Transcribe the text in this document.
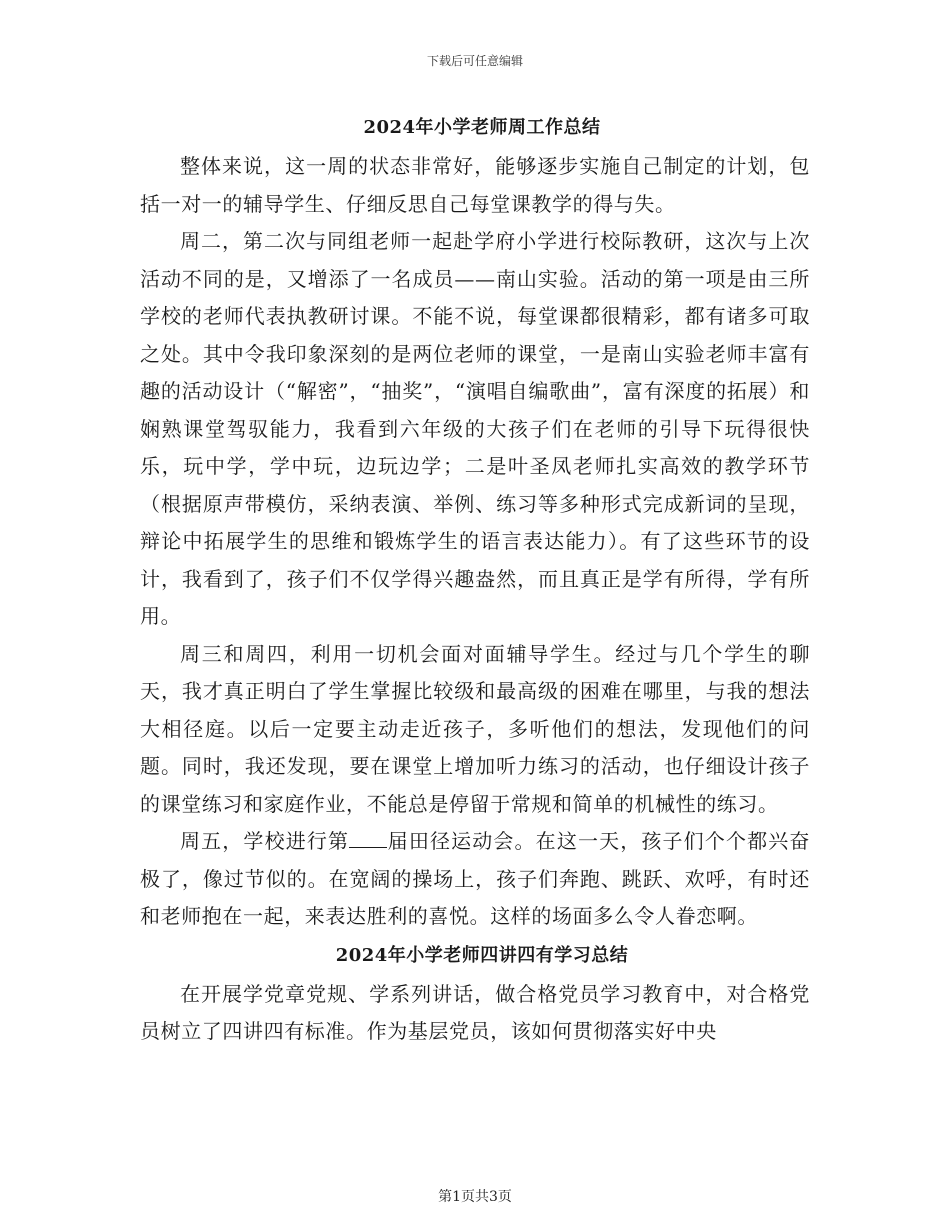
下载后可任意编辑
2024年小学老师周工作总结

整体来说，这一周的状态非常好，能够逐步实施自己制定的计划，包括一对一的辅导学生、仔细反思自己每堂课教学的得与失。

周二，第二次与同组老师一起赴学府小学进行校际教研，这次与上次活动不同的是，又增添了一名成员——南山实验。活动的第一项是由三所学校的老师代表执教研讨课。不能不说，每堂课都很精彩，都有诸多可取之处。其中令我印象深刻的是两位老师的课堂，一是南山实验老师丰富有趣的活动设计（“解密”，“抽奖”，“演唱自编歌曲”，富有深度的拓展）和娴熟课堂驾驭能力，我看到六年级的大孩子们在老师的引导下玩得很快乐，玩中学，学中玩，边玩边学；二是叶圣凤老师扎实高效的教学环节（根据原声带模仿，采纳表演、举例、练习等多种形式完成新词的呈现，辩论中拓展学生的思维和锻炼学生的语言表达能力）。有了这些环节的设计，我看到了，孩子们不仅学得兴趣盎然，而且真正是学有所得，学有所用。

周三和周四，利用一切机会面对面辅导学生。经过与几个学生的聊天，我才真正明白了学生掌握比较级和最高级的困难在哪里，与我的想法大相径庭。以后一定要主动走近孩子，多听他们的想法，发现他们的问题。同时，我还发现，要在课堂上增加听力练习的活动，也仔细设计孩子的课堂练习和家庭作业，不能总是停留于常规和简单的机械性的练习。

周五，学校进行第 届田径运动会。在这一天，孩子们个个都兴奋极了，像过节似的。在宽阔的操场上，孩子们奔跑、跳跃、欢呼，有时还和老师抱在一起，来表达胜利的喜悦。这样的场面多么令人眷恋啊。

2024年小学老师四讲四有学习总结

在开展学党章党规、学系列讲话，做合格党员学习教育中，对合格党员树立了四讲四有标准。作为基层党员，该如何贯彻落实好中央

第1页共3页
